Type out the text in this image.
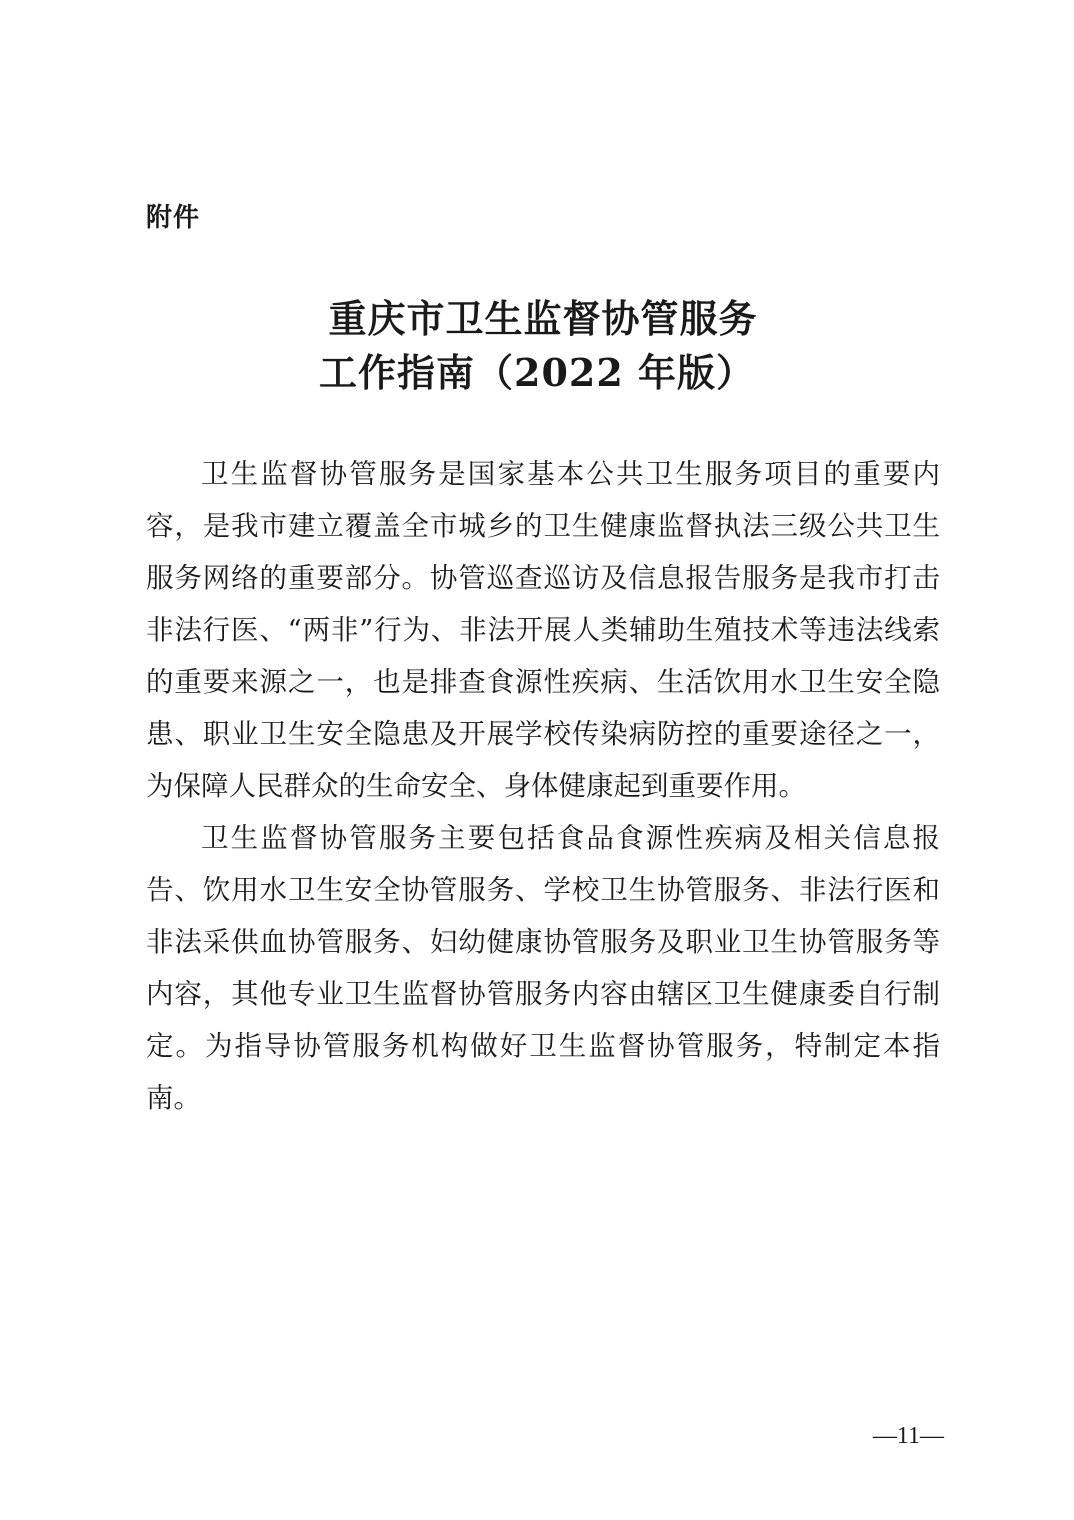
附件
重庆市卫生监督协管服务
工作指南（2022 年版）

卫生监督协管服务是国家基本公共卫生服务项目的重要内容，是我市建立覆盖全市城乡的卫生健康监督执法三级公共卫生服务网络的重要部分。协管巡查巡访及信息报告服务是我市打击非法行医、“两非”行为、非法开展人类辅助生殖技术等违法线索的重要来源之一，也是排查食源性疾病、生活饮用水卫生安全隐患、职业卫生安全隐患及开展学校传染病防控的重要途径之一，为保障人民群众的生命安全、身体健康起到重要作用。

卫生监督协管服务主要包括食品食源性疾病及相关信息报告、饮用水卫生安全协管服务、学校卫生协管服务、非法行医和非法采供血协管服务、妇幼健康协管服务及职业卫生协管服务等内容，其他专业卫生监督协管服务内容由辖区卫生健康委自行制定。为指导协管服务机构做好卫生监督协管服务，特制定本指南。

—11—
